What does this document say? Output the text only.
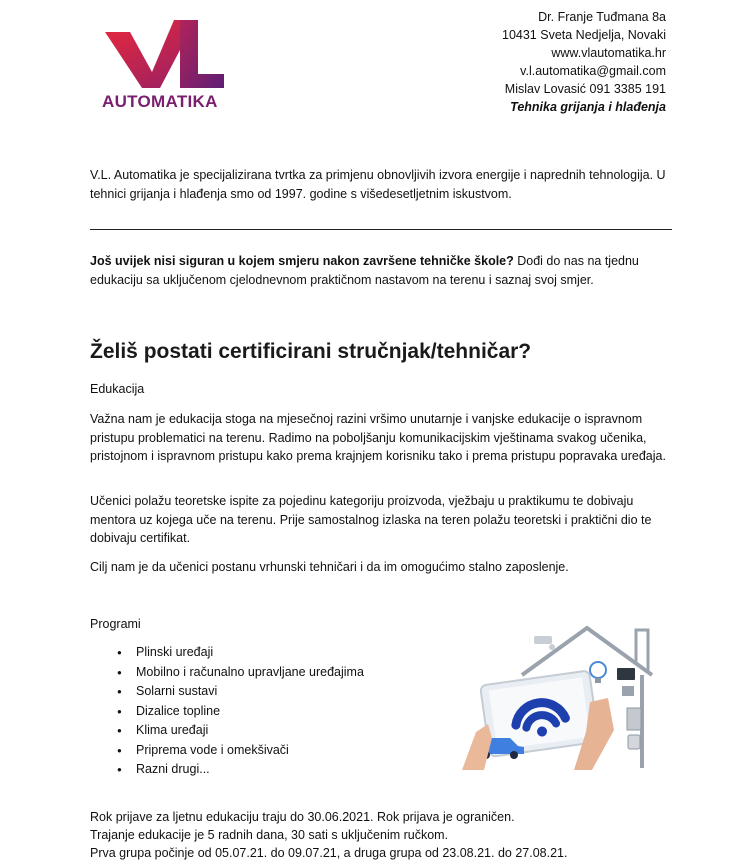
AUTOMATIKA
Dr. Franje Tuđmana 8a
10431 Sveta Nedjelja, Novaki
www.vlautomatika.hr
v.l.automatika@gmail.com
Mislav Lovasić 091 3385 191
Tehnika grijanja i hlađenja
V.L. Automatika je specijalizirana tvrtka za primjenu obnovljivih izvora energije i naprednih tehnologija. U tehnici grijanja i hlađenja smo od 1997. godine s višedesetljetnim iskustvom.
Još uvijek nisi siguran u kojem smjeru nakon završene tehničke škole? Dođi do nas na tjednu edukaciju sa uključenom cjelodnevnom praktičnom nastavom na terenu i saznaj svoj smjer.
Želiš postati certificirani stručnjak/tehničar?
Edukacija
Važna nam je edukacija stoga na mjesečnoj razini vršimo unutarnje i vanjske edukacije o ispravnom pristupu problematici na terenu. Radimo na poboljšanju komunikacijskim vještinama svakog učenika, pristojnom i ispravnom pristupu kako prema krajnjem korisniku tako i prema pristupu popravaka uređaja.
Učenici polažu teoretske ispite za pojedinu kategoriju proizvoda, vježbaju u praktikumu te dobivaju mentora uz kojega uče na terenu. Prije samostalnog izlaska na teren polažu teoretski i praktični dio te dobivaju certifikat.
Cilj nam je da učenici postanu vrhunski tehničari i da im omogućimo stalno zaposlenje.
Programi
● Plinski uređaji
● Mobilno i računalno upravljane uređajima
● Solarni sustavi
● Dizalice topline
● Klima uređaji
● Priprema vode i omekšivači
● Razni drugi...
Rok prijave za ljetnu edukaciju traju do 30.06.2021. Rok prijava je ograničen.
Trajanje edukacije je 5 radnih dana, 30 sati s uključenim ručkom.
Prva grupa počinje od 05.07.21. do 09.07.21, a druga grupa od 23.08.21. do 27.08.21.
